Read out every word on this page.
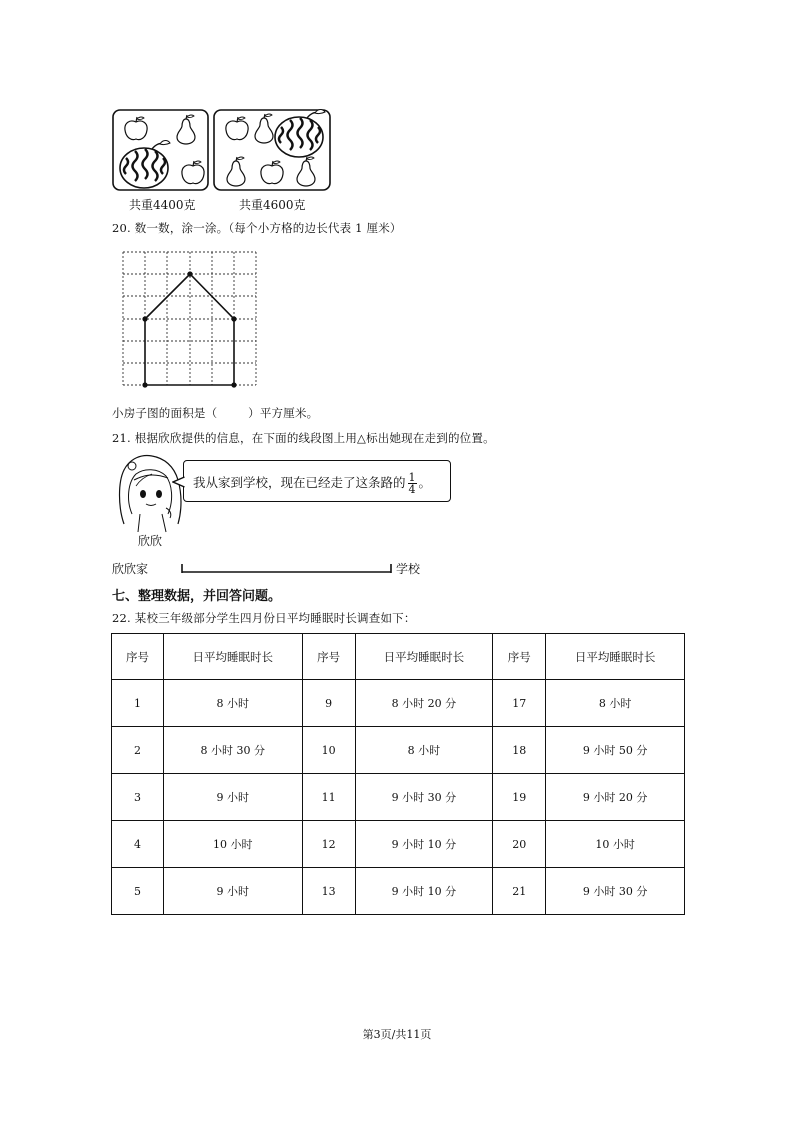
共重4400克	共重4600克
20. 数一数，涂一涂。（每个小方格的边长代表 1 厘米）
小房子图的面积是（        ）平方厘米。
21. 根据欣欣提供的信息，在下面的线段图上用△标出她现在走到的位置。
我从家到学校，现在已经走了这条路的 $\frac{1}{4}$ 。
欣欣
欣欣家	学校
七、整理数据，并回答问题。
22. 某校三年级部分学生四月份日平均睡眠时长调查如下：
序号	日平均睡眠时长	序号	日平均睡眠时长	序号	日平均睡眠时长
1	8 小时	9	8 小时 20 分	17	8 小时
2	8 小时 30 分	10	8 小时	18	9 小时 50 分
3	9 小时	11	9 小时 30 分	19	9 小时 20 分
4	10 小时	12	9 小时 10 分	20	10 小时
5	9 小时	13	9 小时 10 分	21	9 小时 30 分
第3页/共11页
